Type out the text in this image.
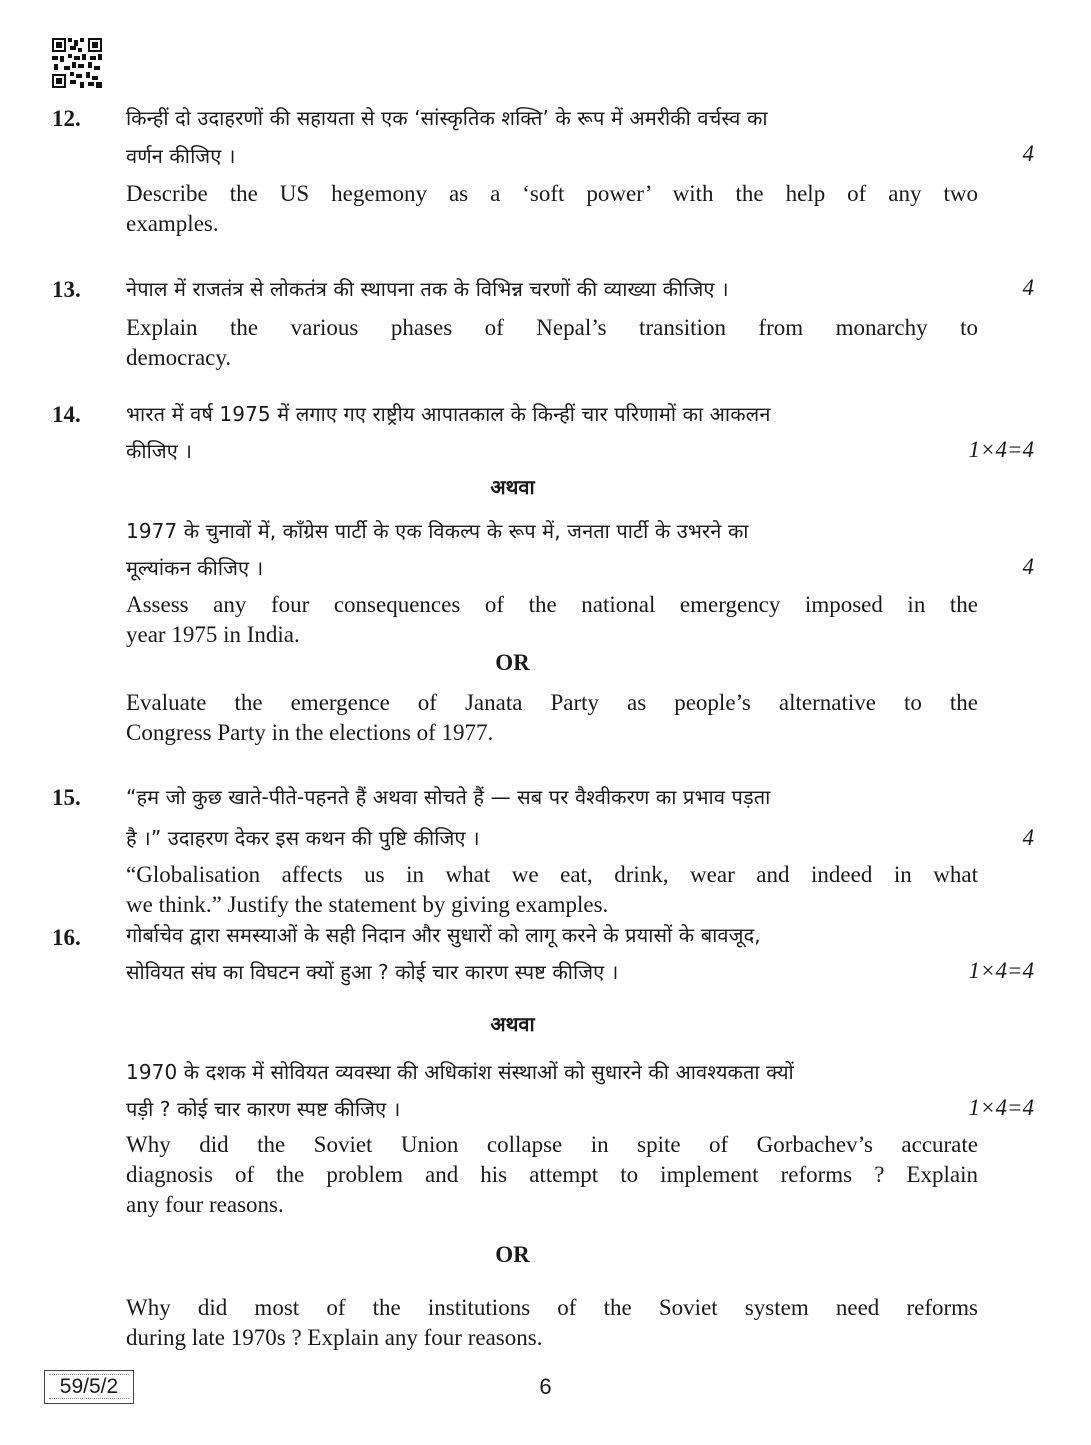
12. किन्हीं दो उदाहरणों की सहायता से एक ‘सांस्कृतिक शक्ति’ के रूप में अमरीकी वर्चस्व का
वर्णन कीजिए ।	4
Describe the US hegemony as a ‘soft power’ with the help of any two
examples.
13. नेपाल में राजतंत्र से लोकतंत्र की स्थापना तक के विभिन्न चरणों की व्याख्या कीजिए ।	4
Explain the various phases of Nepal’s transition from monarchy to
democracy.
14. भारत में वर्ष 1975 में लगाए गए राष्ट्रीय आपातकाल के किन्हीं चार परिणामों का आकलन
कीजिए ।	1×4=4
अथवा
1977 के चुनावों में, काँग्रेस पार्टी के एक विकल्प के रूप में, जनता पार्टी के उभरने का
मूल्यांकन कीजिए ।	4
Assess any four consequences of the national emergency imposed in the
year 1975 in India.
OR
Evaluate the emergence of Janata Party as people’s alternative to the
Congress Party in the elections of 1977.
15. “हम जो कुछ खाते-पीते-पहनते हैं अथवा सोचते हैं — सब पर वैश्वीकरण का प्रभाव पड़ता
है ।” उदाहरण देकर इस कथन की पुष्टि कीजिए ।	4
“Globalisation affects us in what we eat, drink, wear and indeed in what
we think.” Justify the statement by giving examples.
16. गोर्बाचेव द्वारा समस्याओं के सही निदान और सुधारों को लागू करने के प्रयासों के बावजूद,
सोवियत संघ का विघटन क्यों हुआ ? कोई चार कारण स्पष्ट कीजिए ।	1×4=4
अथवा
1970 के दशक में सोवियत व्यवस्था की अधिकांश संस्थाओं को सुधारने की आवश्यकता क्यों
पड़ी ? कोई चार कारण स्पष्ट कीजिए ।	1×4=4
Why did the Soviet Union collapse in spite of Gorbachev’s accurate
diagnosis of the problem and his attempt to implement reforms ? Explain
any four reasons.
OR
Why did most of the institutions of the Soviet system need reforms
during late 1970s ? Explain any four reasons.
59/5/2	6
